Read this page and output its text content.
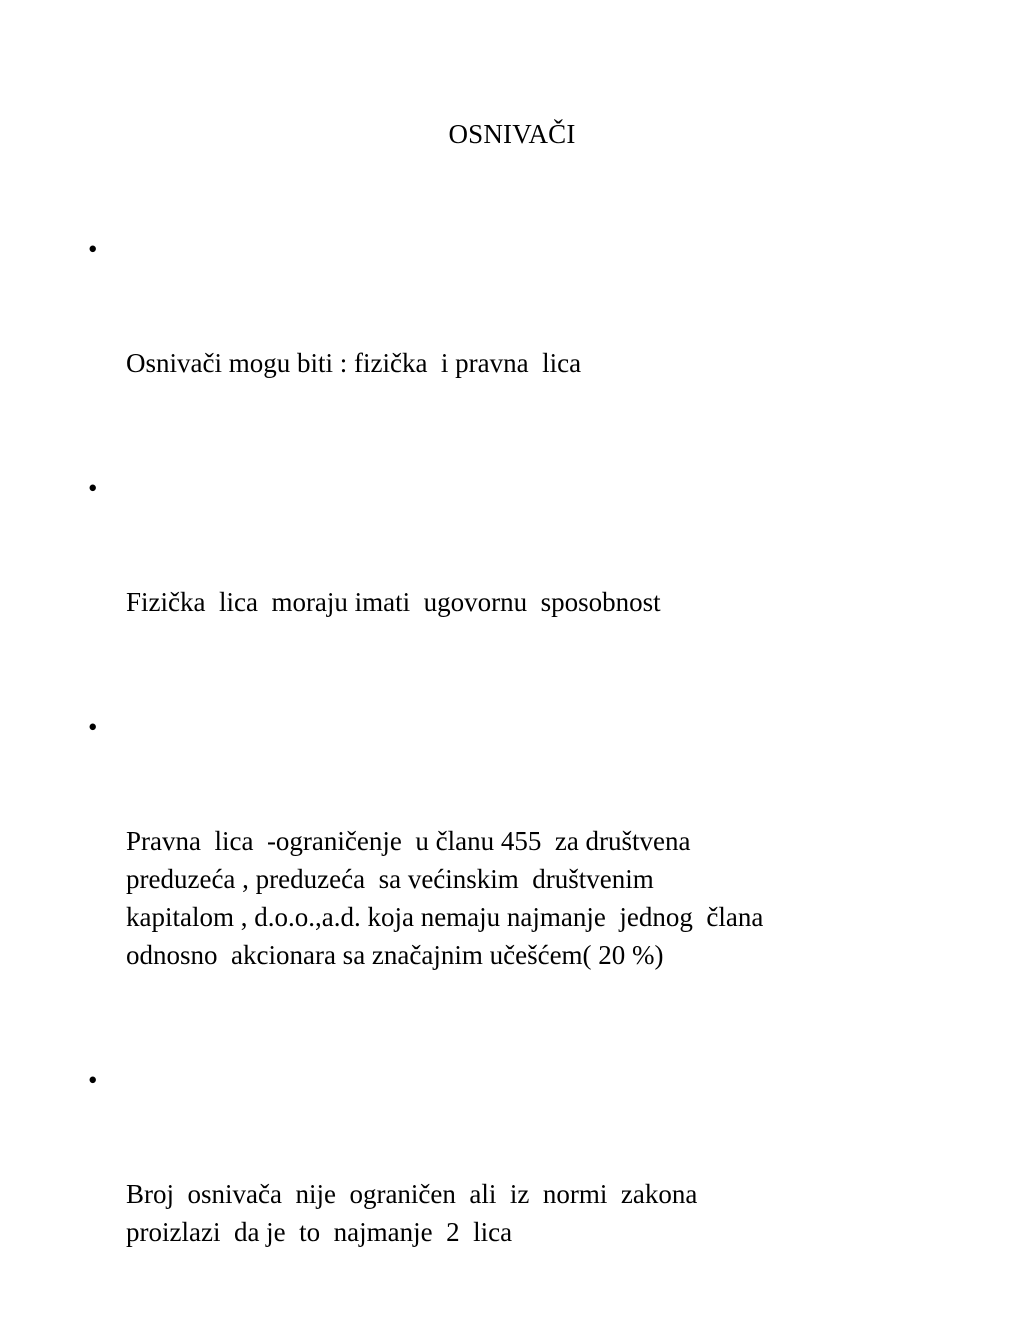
OSNIVAČI

•

Osnivači mogu biti : fizička  i pravna  lica

•

Fizička  lica  moraju imati  ugovornu  sposobnost

•

Pravna  lica  -ograničenje  u članu 455  za društvena
preduzeća , preduzeća  sa većinskim  društvenim
kapitalom , d.o.o.,a.d. koja nemaju najmanje  jednog  člana
odnosno  akcionara sa značajnim učešćem( 20 %)

•

Broj  osnivača  nije  ograničen  ali  iz  normi  zakona
proizlazi  da je  to  najmanje  2  lica
